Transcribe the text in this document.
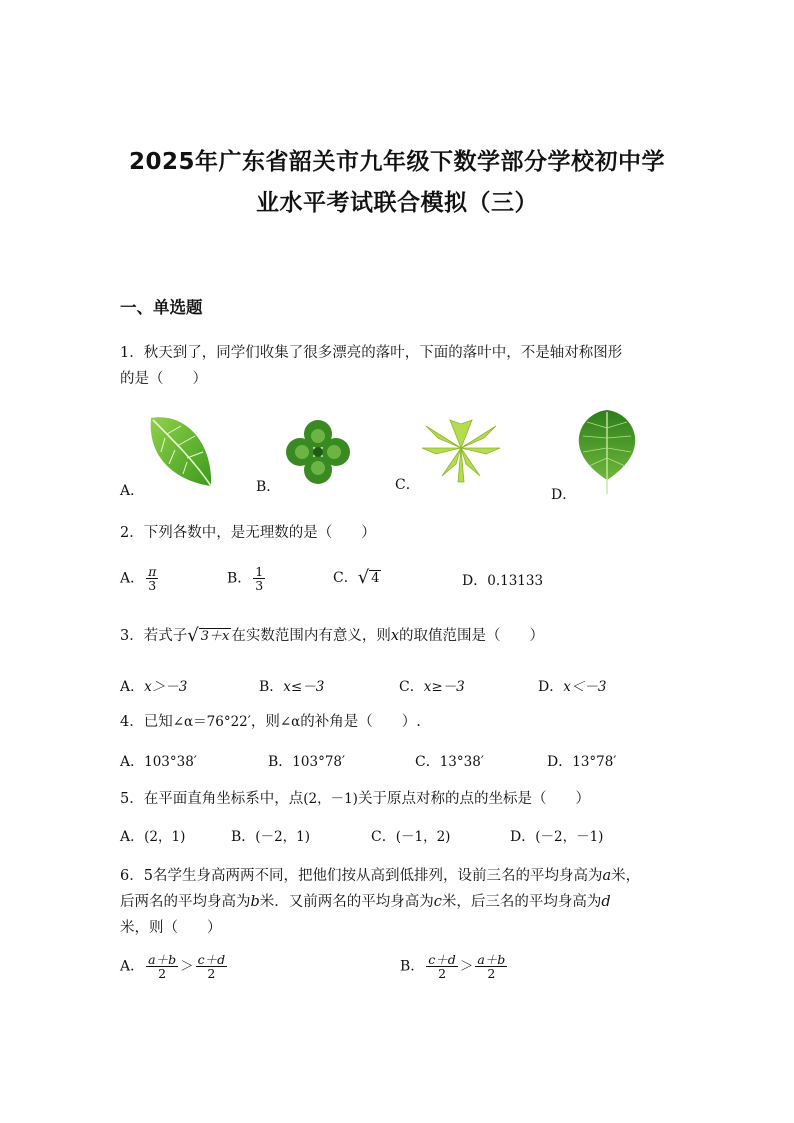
2025年广东省韶关市九年级下数学部分学校初中学
业水平考试联合模拟（三）
一、单选题
1．秋天到了，同学们收集了很多漂亮的落叶，下面的落叶中，不是轴对称图形
的是（　　）
A．	B．	C．
D．
2．下列各数中，是无理数的是（　　）
A． $\frac{\pi}{3}$	B． $\frac{1}{3}$	C． √ 4	D．0.13133
3．若式子 √ 3＋x 在实数范围内有意义，则x的取值范围是（　　）
A．x＞－3	B．x≤－3	C．x≥－3	D．x＜－3
4．已知∠α＝76°22′，则∠α的补角是（　　）.
A．103°38′	B．103°78′	C．13°38′	D．13°78′
5．在平面直角坐标系中，点(2，－1)关于原点对称的点的坐标是（　　）
A．(2，1)	B．(－2，1)	C．(－1，2)	D．(－2，－1)
6．5名学生身高两两不同，把他们按从高到低排列，设前三名的平均身高为a米，
后两名的平均身高为b米．又前两名的平均身高为c米，后三名的平均身高为d
米，则（　　）
A． $\frac{a+b}{2} > \frac{c+d}{2}$	B． $\frac{c+d}{2} > \frac{a+b}{2}$
